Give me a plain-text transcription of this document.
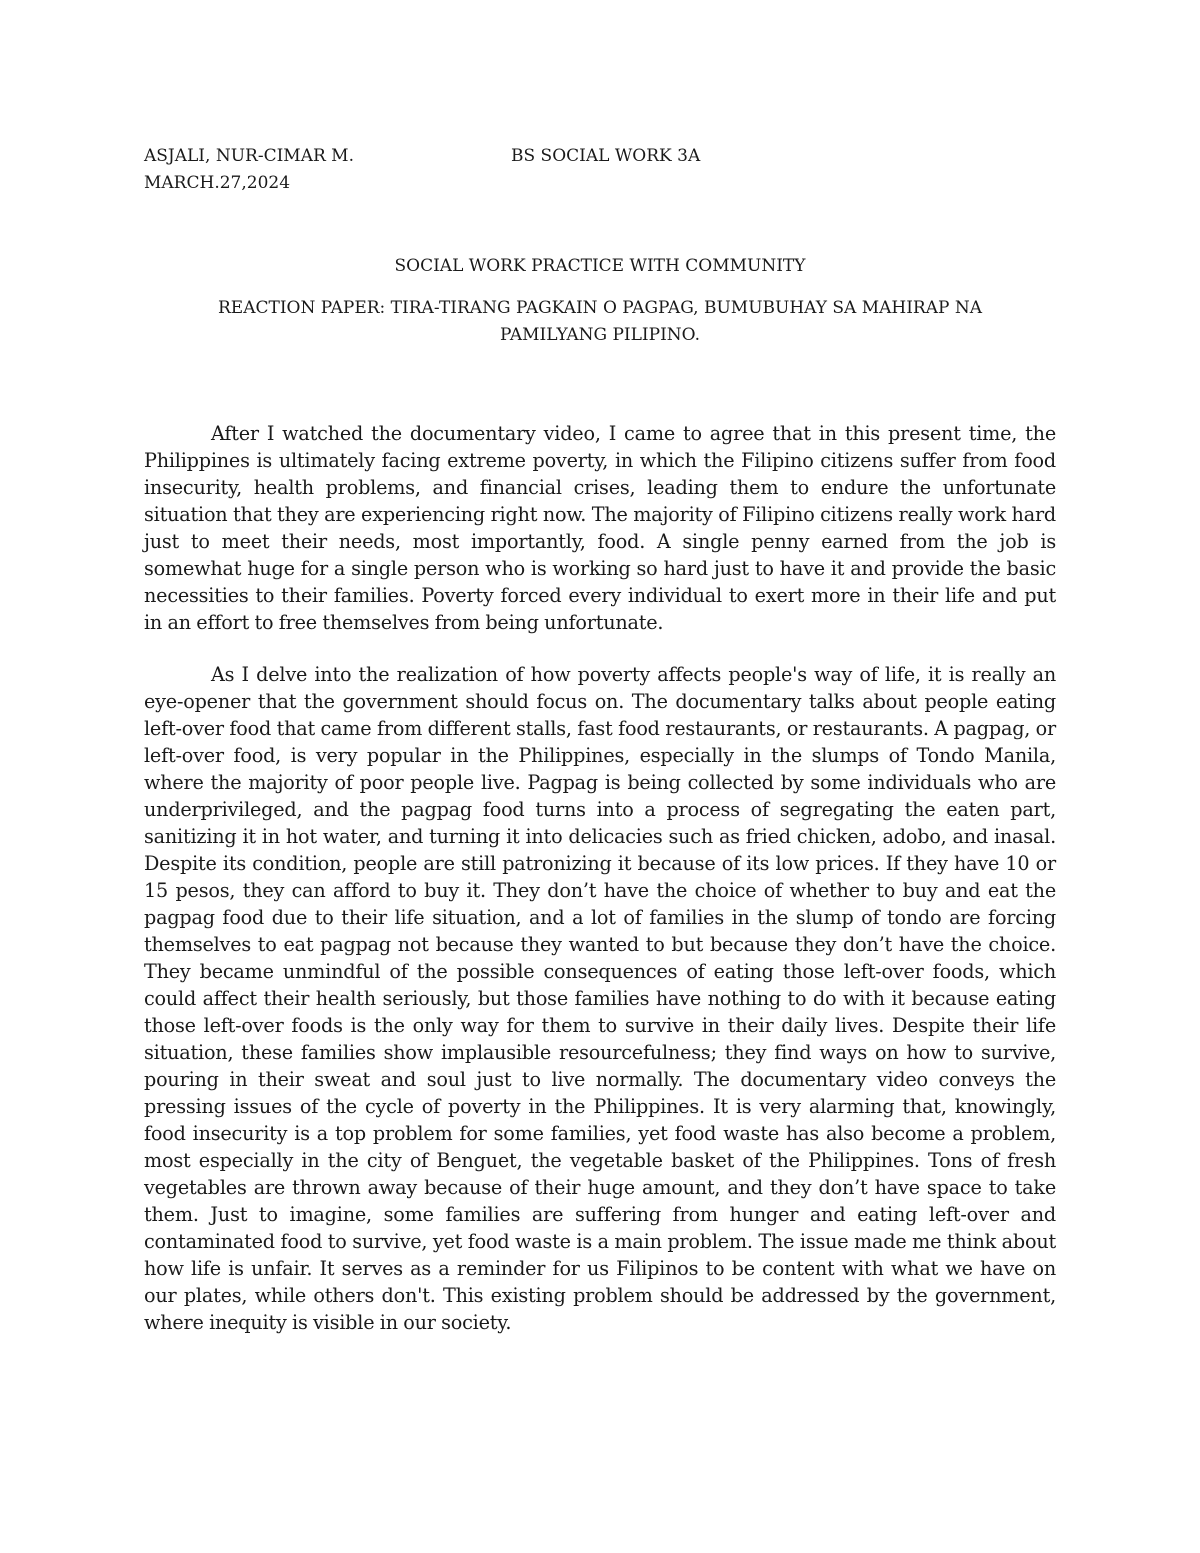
ASJALI, NUR-CIMAR M.	BS SOCIAL WORK 3A
MARCH.27,2024
SOCIAL WORK PRACTICE WITH COMMUNITY
REACTION PAPER: TIRA-TIRANG PAGKAIN O PAGPAG, BUMUBUHAY SA MAHIRAP NA
PAMILYANG PILIPINO.

After I watched the documentary video, I came to agree that in this present time, the Philippines is ultimately facing extreme poverty, in which the Filipino citizens suffer from food insecurity, health problems, and financial crises, leading them to endure the unfortunate situation that they are experiencing right now. The majority of Filipino citizens really work hard just to meet their needs, most importantly, food. A single penny earned from the job is somewhat huge for a single person who is working so hard just to have it and provide the basic necessities to their families. Poverty forced every individual to exert more in their life and put in an effort to free themselves from being unfortunate.

As I delve into the realization of how poverty affects people's way of life, it is really an eye-opener that the government should focus on. The documentary talks about people eating left-over food that came from different stalls, fast food restaurants, or restaurants. A pagpag, or left-over food, is very popular in the Philippines, especially in the slumps of Tondo Manila, where the majority of poor people live. Pagpag is being collected by some individuals who are underprivileged, and the pagpag food turns into a process of segregating the eaten part, sanitizing it in hot water, and turning it into delicacies such as fried chicken, adobo, and inasal. Despite its condition, people are still patronizing it because of its low prices. If they have 10 or 15 pesos, they can afford to buy it. They don’t have the choice of whether to buy and eat the pagpag food due to their life situation, and a lot of families in the slump of tondo are forcing themselves to eat pagpag not because they wanted to but because they don’t have the choice. They became unmindful of the possible consequences of eating those left-over foods, which could affect their health seriously, but those families have nothing to do with it because eating those left-over foods is the only way for them to survive in their daily lives. Despite their life situation, these families show implausible resourcefulness; they find ways on how to survive, pouring in their sweat and soul just to live normally. The documentary video conveys the pressing issues of the cycle of poverty in the Philippines. It is very alarming that, knowingly, food insecurity is a top problem for some families, yet food waste has also become a problem, most especially in the city of Benguet, the vegetable basket of the Philippines. Tons of fresh vegetables are thrown away because of their huge amount, and they don’t have space to take them. Just to imagine, some families are suffering from hunger and eating left-over and contaminated food to survive, yet food waste is a main problem. The issue made me think about how life is unfair. It serves as a reminder for us Filipinos to be content with what we have on our plates, while others don't. This existing problem should be addressed by the government, where inequity is visible in our society.
